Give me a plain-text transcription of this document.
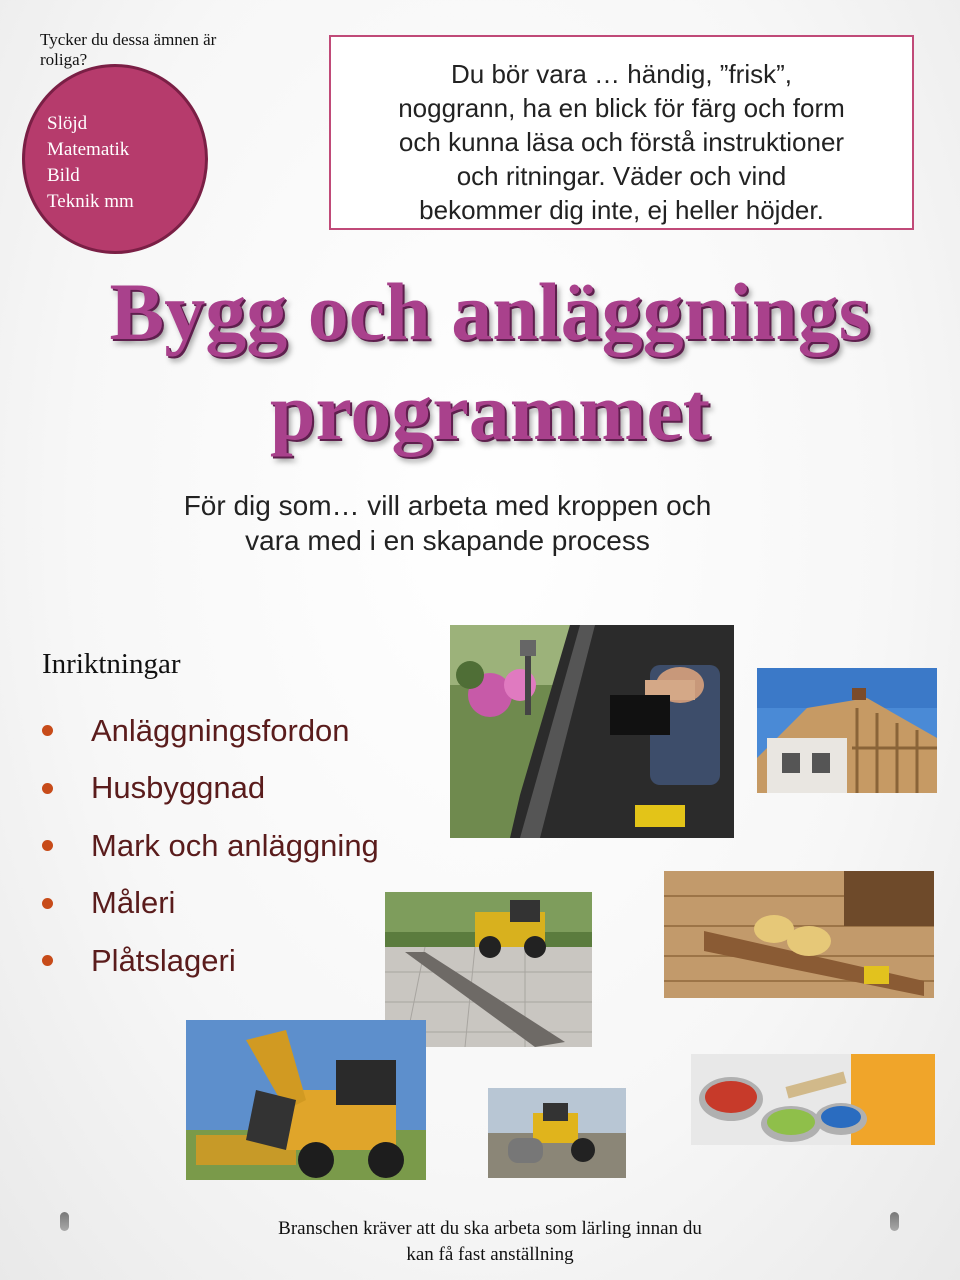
Tycker du dessa ämnen är roliga?
Slöjd
Matematik
Bild
Teknik mm

Du bör vara … händig, ”frisk”,

noggrann, ha en blick för färg och form

och kunna läsa och förstå instruktioner

och ritningar. Väder och vind

bekommer dig inte, ej heller höjder.

Bygg och anläggnings
programmet

För dig som… vill arbeta med kroppen och

vara med i en skapande process

Inriktningar
Anläggningsfordon
Husbyggnad
Mark och anläggning
Måleri
Plåtslageri
Branschen kräver att du ska arbeta som lärling innan du
kan få fast anställning
